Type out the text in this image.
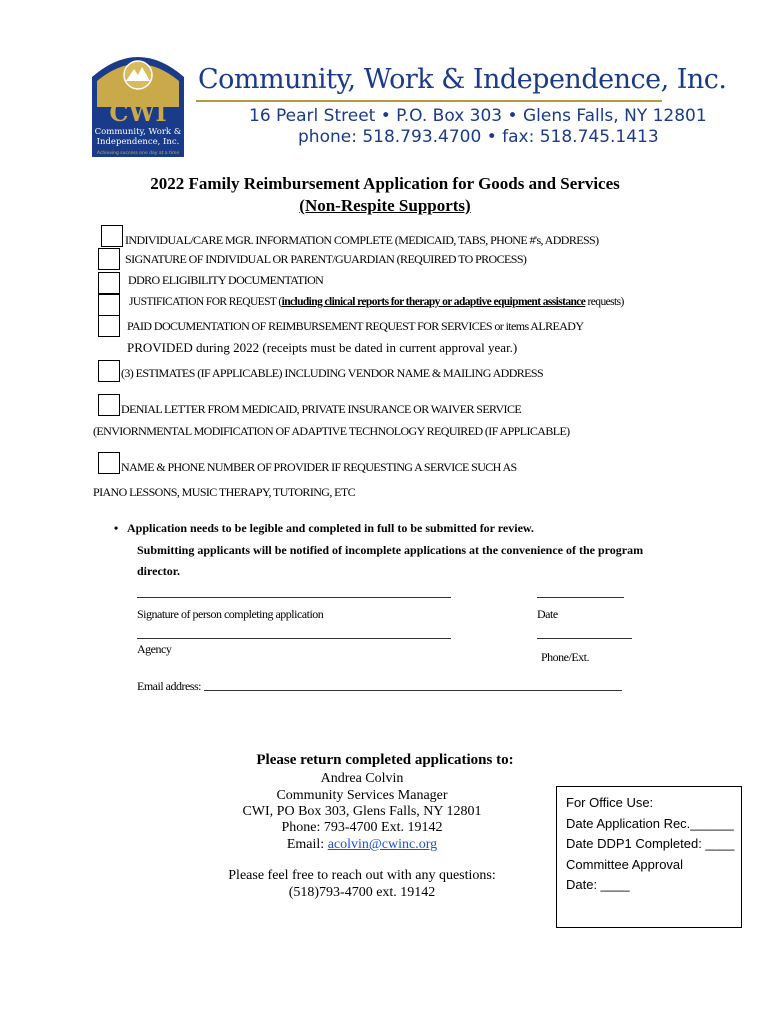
CWI
Community, Work &
Independence, Inc.
Achieving success one day at a time
Community, Work & Independence, Inc.
16 Pearl Street • P.O. Box 303 • Glens Falls, NY 12801
phone: 518.793.4700 • fax: 518.745.1413
2022 Family Reimbursement Application for Goods and Services
(Non-Respite Supports)
INDIVIDUAL/CARE MGR. INFORMATION COMPLETE (MEDICAID, TABS, PHONE #'s, ADDRESS)
SIGNATURE OF INDIVIDUAL OR PARENT/GUARDIAN (REQUIRED TO PROCESS)
DDRO ELIGIBILITY DOCUMENTATION
JUSTIFICATION FOR REQUEST (including clinical reports for therapy or adaptive equipment assistance requests)
PAID DOCUMENTATION OF REIMBURSEMENT REQUEST FOR SERVICES or items ALREADY
PROVIDED during 2022 (receipts must be dated in current approval year.)
(3) ESTIMATES (IF APPLICABLE) INCLUDING VENDOR NAME & MAILING ADDRESS
DENIAL LETTER FROM MEDICAID, PRIVATE INSURANCE OR WAIVER SERVICE
(ENVIORNMENTAL MODIFICATION OF ADAPTIVE TECHNOLOGY REQUIRED (IF APPLICABLE)
NAME & PHONE NUMBER OF PROVIDER IF REQUESTING A SERVICE SUCH AS
PIANO LESSONS, MUSIC THERAPY, TUTORING, ETC
• Application needs to be legible and completed in full to be submitted for review.
Submitting applicants will be notified of incomplete applications at the convenience of the program
director.
Signature of person completing application	Date
Agency
Phone/Ext.
Email address:
Please return completed applications to:
Andrea Colvin
Community Services Manager
CWI, PO Box 303, Glens Falls, NY 12801
Phone: 793-4700 Ext. 19142
Email: acolvin@cwinc.org
Please feel free to reach out with any questions:
(518)793-4700 ext. 19142
For Office Use:
Date Application Rec.______
Date DDP1 Completed: ____
Committee Approval
Date: ____
